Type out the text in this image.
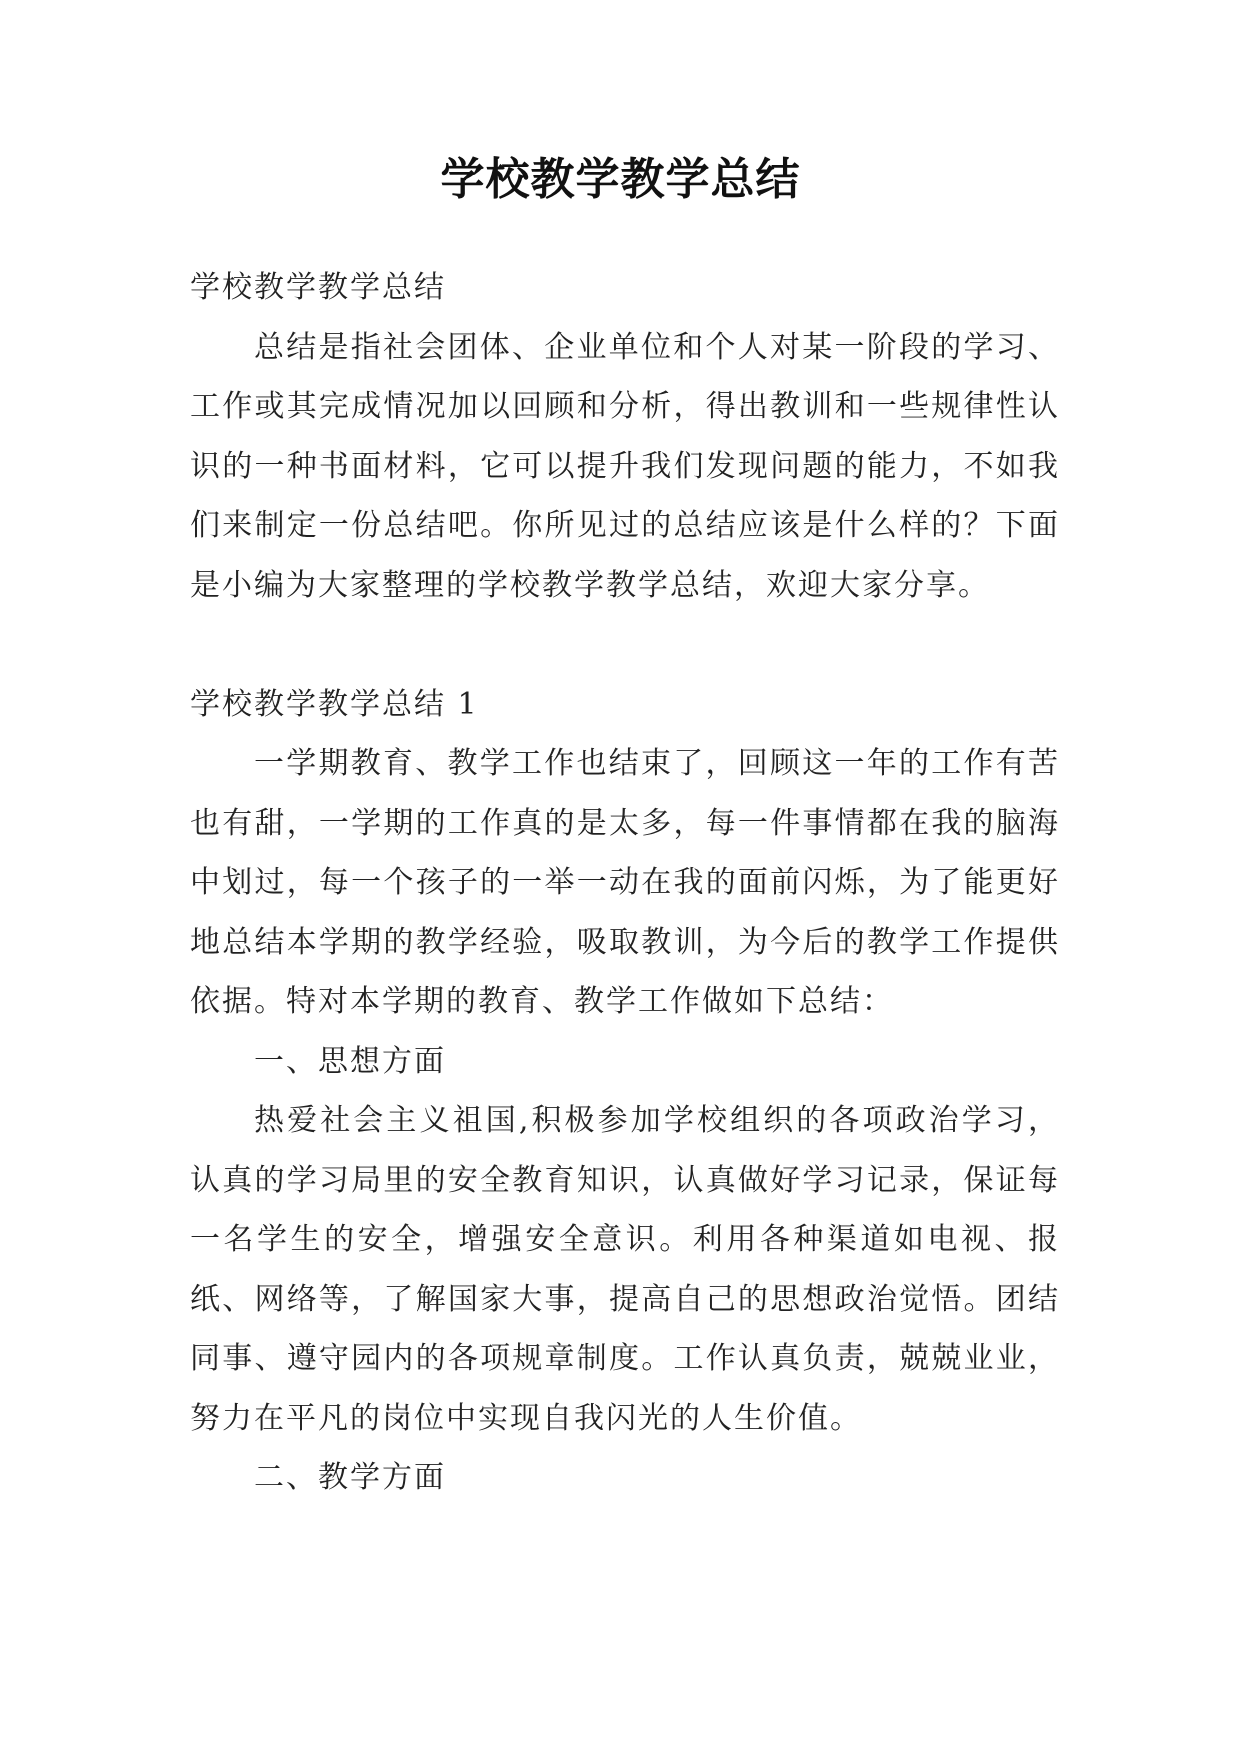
学校教学教学总结

学校教学教学总结

总结是指社会团体、企业单位和个人对某一阶段的学习、工作或其完成情况加以回顾和分析，得出教训和一些规律性认识的一种书面材料，它可以提升我们发现问题的能力，不如我们来制定一份总结吧。你所见过的总结应该是什么样的？下面是小编为大家整理的学校教学教学总结，欢迎大家分享。

学校教学教学总结 1

一学期教育、教学工作也结束了，回顾这一年的工作有苦也有甜，一学期的工作真的是太多，每一件事情都在我的脑海中划过，每一个孩子的一举一动在我的面前闪烁，为了能更好地总结本学期的教学经验，吸取教训，为今后的教学工作提供依据。特对本学期的教育、教学工作做如下总结：

一、思想方面

热爱社会主义祖国,积极参加学校组织的各项政治学习，认真的学习局里的安全教育知识，认真做好学习记录，保证每一名学生的安全，增强安全意识。利用各种渠道如电视、报纸、网络等，了解国家大事，提高自己的思想政治觉悟。团结同事、遵守园内的各项规章制度。工作认真负责，兢兢业业，努力在平凡的岗位中实现自我闪光的人生价值。

二、教学方面
